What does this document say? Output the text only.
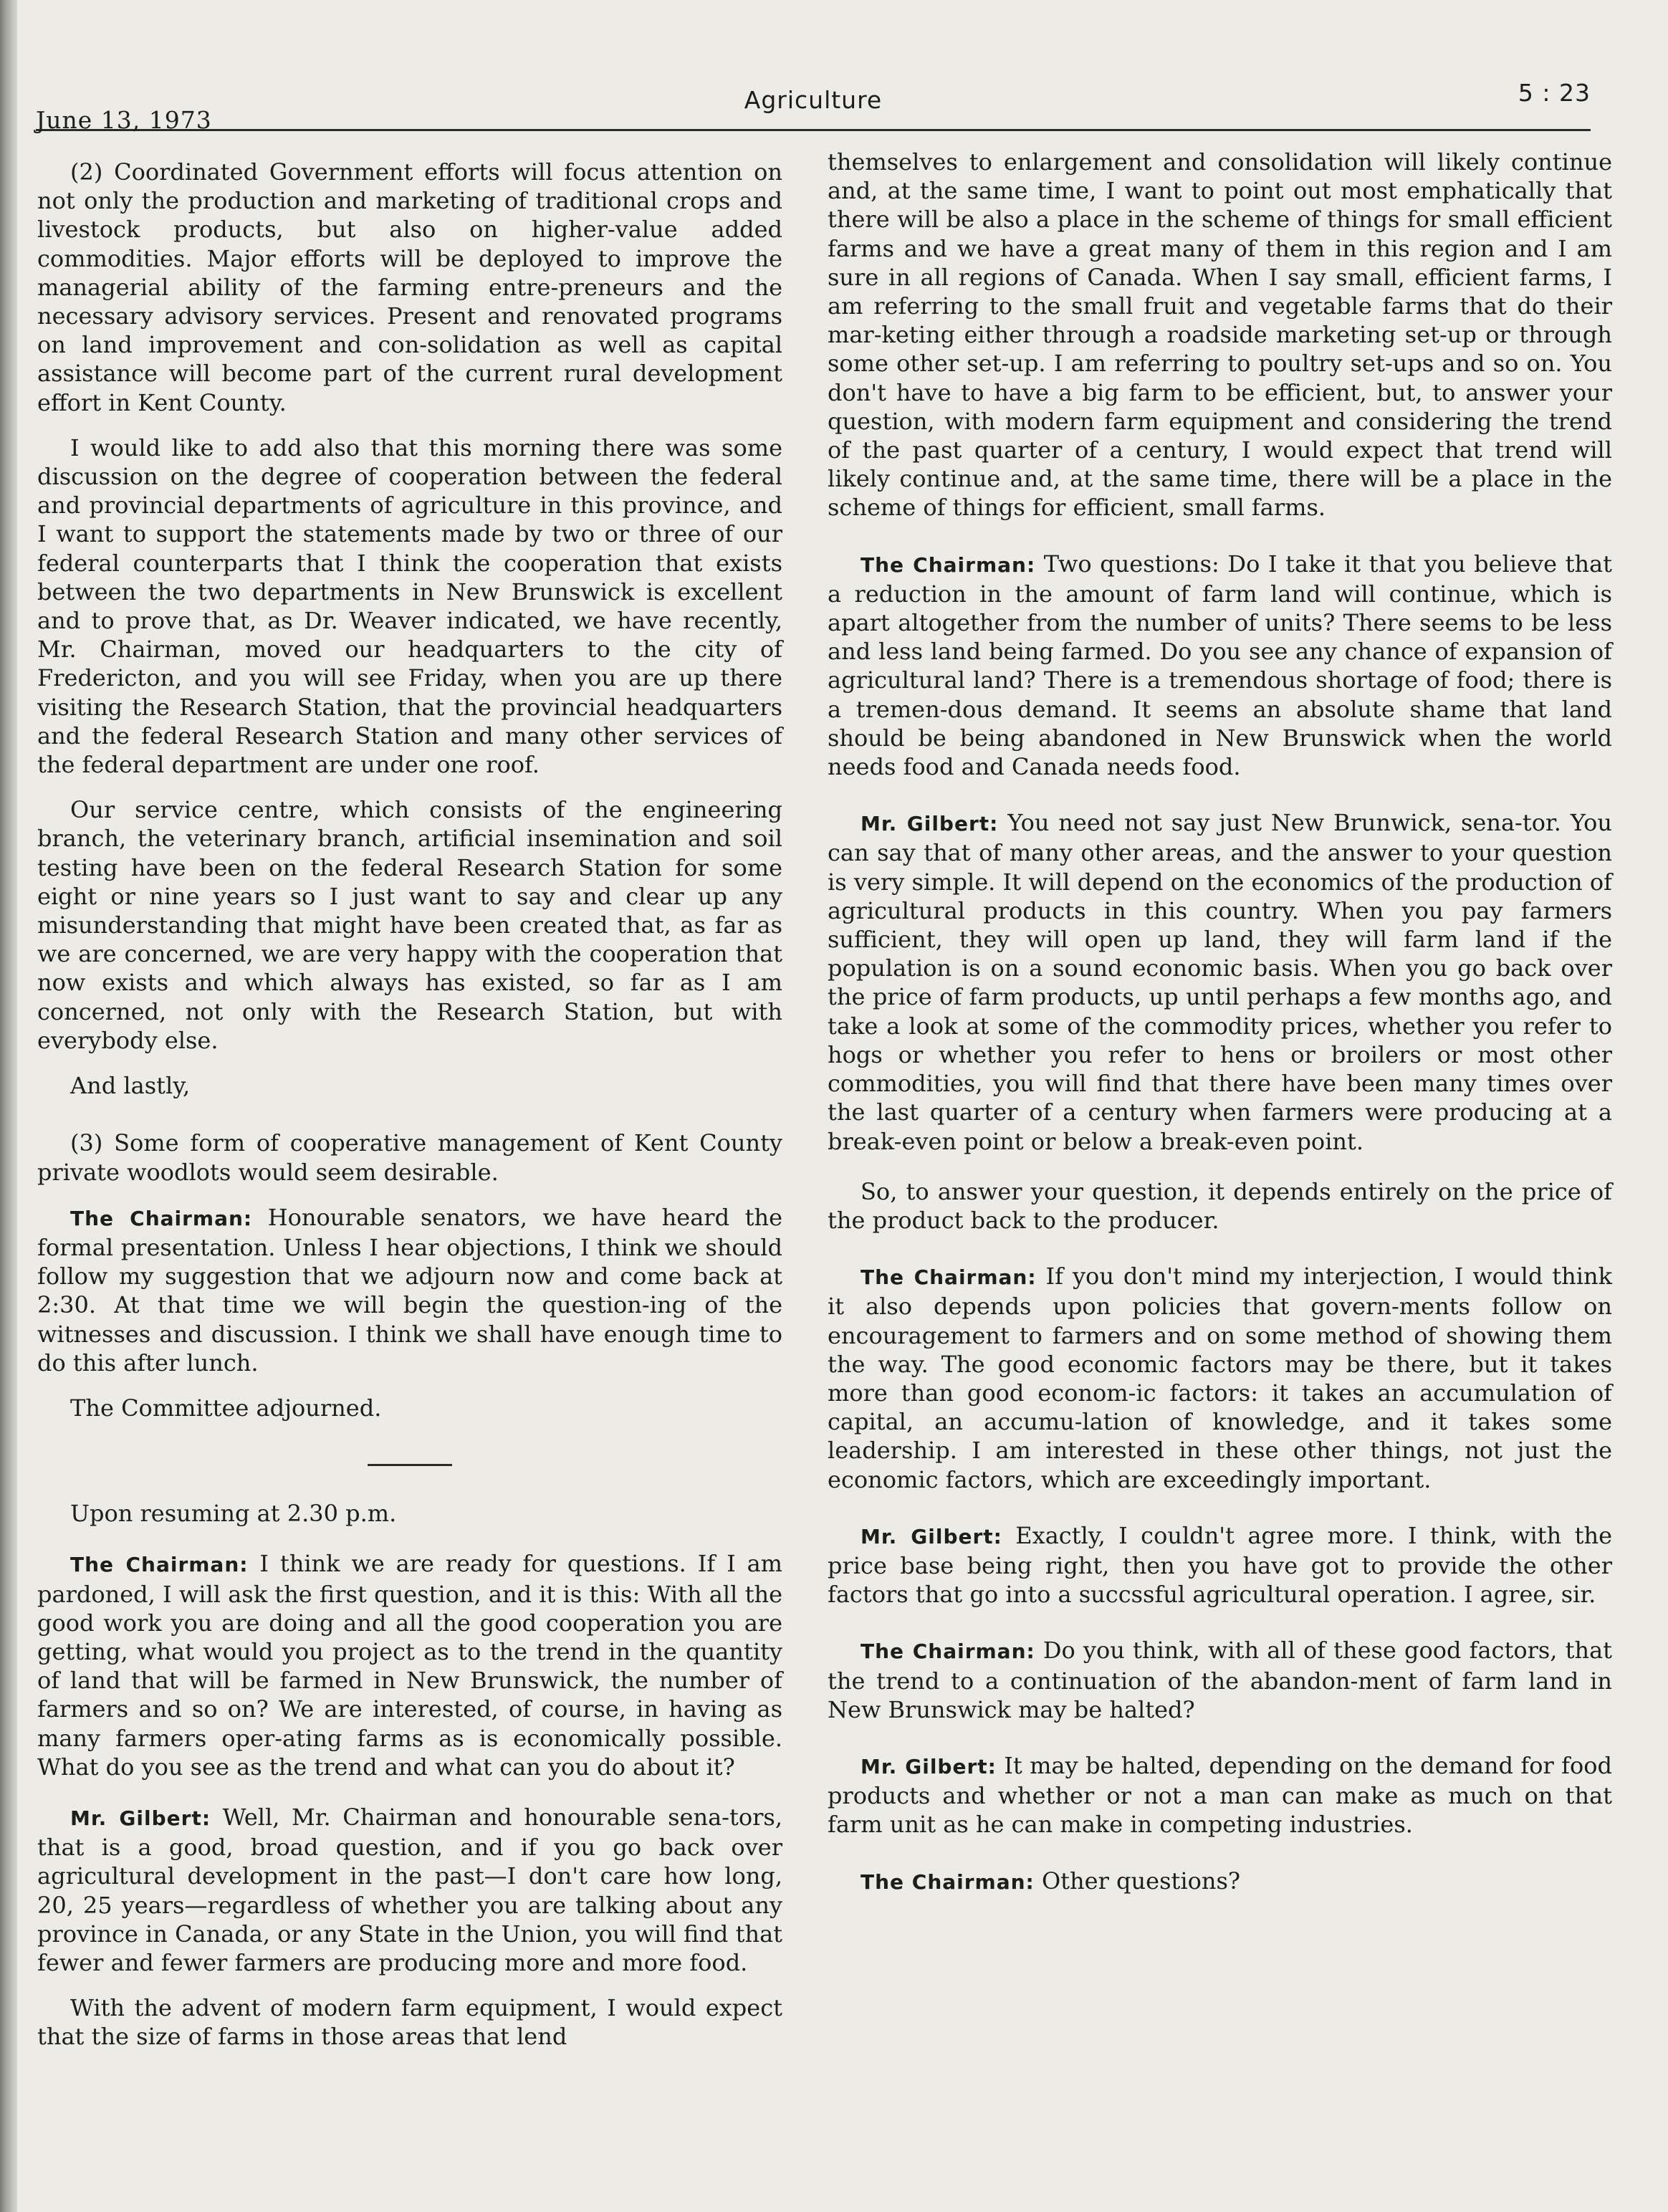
June 13, 1973
Agriculture	5 : 23

(2) Coordinated Government efforts will focus attention on not only the production and marketing of traditional crops and livestock products, but also on higher-value added commodities. Major efforts will be deployed to improve the managerial ability of the farming entre-preneurs and the necessary advisory services. Present and renovated programs on land improvement and con-solidation as well as capital assistance will become part of the current rural development effort in Kent County.

I would like to add also that this morning there was some discussion on the degree of cooperation between the federal and provincial departments of agriculture in this province, and I want to support the statements made by two or three of our federal counterparts that I think the cooperation that exists between the two departments in New Brunswick is excellent and to prove that, as Dr. Weaver indicated, we have recently, Mr. Chairman, moved our headquarters to the city of Fredericton, and you will see Friday, when you are up there visiting the Research Station, that the provincial headquarters and the federal Research Station and many other services of the federal department are under one roof.

Our service centre, which consists of the engineering branch, the veterinary branch, artificial insemination and soil testing have been on the federal Research Station for some eight or nine years so I just want to say and clear up any misunderstanding that might have been created that, as far as we are concerned, we are very happy with the cooperation that now exists and which always has existed, so far as I am concerned, not only with the Research Station, but with everybody else.

And lastly,

(3) Some form of cooperative management of Kent County private woodlots would seem desirable.

The Chairman: Honourable senators, we have heard the formal presentation. Unless I hear objections, I think we should follow my suggestion that we adjourn now and come back at 2:30. At that time we will begin the question-ing of the witnesses and discussion. I think we shall have enough time to do this after lunch.

The Committee adjourned.

Upon resuming at 2.30 p.m.

The Chairman: I think we are ready for questions. If I am pardoned, I will ask the first question, and it is this: With all the good work you are doing and all the good cooperation you are getting, what would you project as to the trend in the quantity of land that will be farmed in New Brunswick, the number of farmers and so on? We are interested, of course, in having as many farmers oper-ating farms as is economically possible. What do you see as the trend and what can you do about it?

Mr. Gilbert: Well, Mr. Chairman and honourable sena-tors, that is a good, broad question, and if you go back over agricultural development in the past—I don't care how long, 20, 25 years—regardless of whether you are talking about any province in Canada, or any State in the Union, you will find that fewer and fewer farmers are producing more and more food.

With the advent of modern farm equipment, I would expect that the size of farms in those areas that lend

themselves to enlargement and consolidation will likely continue and, at the same time, I want to point out most emphatically that there will be also a place in the scheme of things for small efficient farms and we have a great many of them in this region and I am sure in all regions of Canada. When I say small, efficient farms, I am referring to the small fruit and vegetable farms that do their mar-keting either through a roadside marketing set-up or through some other set-up. I am referring to poultry set-ups and so on. You don't have to have a big farm to be efficient, but, to answer your question, with modern farm equipment and considering the trend of the past quarter of a century, I would expect that trend will likely continue and, at the same time, there will be a place in the scheme of things for efficient, small farms.

The Chairman: Two questions: Do I take it that you believe that a reduction in the amount of farm land will continue, which is apart altogether from the number of units? There seems to be less and less land being farmed. Do you see any chance of expansion of agricultural land? There is a tremendous shortage of food; there is a tremen-dous demand. It seems an absolute shame that land should be being abandoned in New Brunswick when the world needs food and Canada needs food.

Mr. Gilbert: You need not say just New Brunwick, sena-tor. You can say that of many other areas, and the answer to your question is very simple. It will depend on the economics of the production of agricultural products in this country. When you pay farmers sufficient, they will open up land, they will farm land if the population is on a sound economic basis. When you go back over the price of farm products, up until perhaps a few months ago, and take a look at some of the commodity prices, whether you refer to hogs or whether you refer to hens or broilers or most other commodities, you will find that there have been many times over the last quarter of a century when farmers were producing at a break-even point or below a break-even point.

So, to answer your question, it depends entirely on the price of the product back to the producer.

The Chairman: If you don't mind my interjection, I would think it also depends upon policies that govern-ments follow on encouragement to farmers and on some method of showing them the way. The good economic factors may be there, but it takes more than good econom-ic factors: it takes an accumulation of capital, an accumu-lation of knowledge, and it takes some leadership. I am interested in these other things, not just the economic factors, which are exceedingly important.

Mr. Gilbert: Exactly, I couldn't agree more. I think, with the price base being right, then you have got to provide the other factors that go into a succssful agricultural operation. I agree, sir.

The Chairman: Do you think, with all of these good factors, that the trend to a continuation of the abandon-ment of farm land in New Brunswick may be halted?

Mr. Gilbert: It may be halted, depending on the demand for food products and whether or not a man can make as much on that farm unit as he can make in competing industries.

The Chairman: Other questions?
